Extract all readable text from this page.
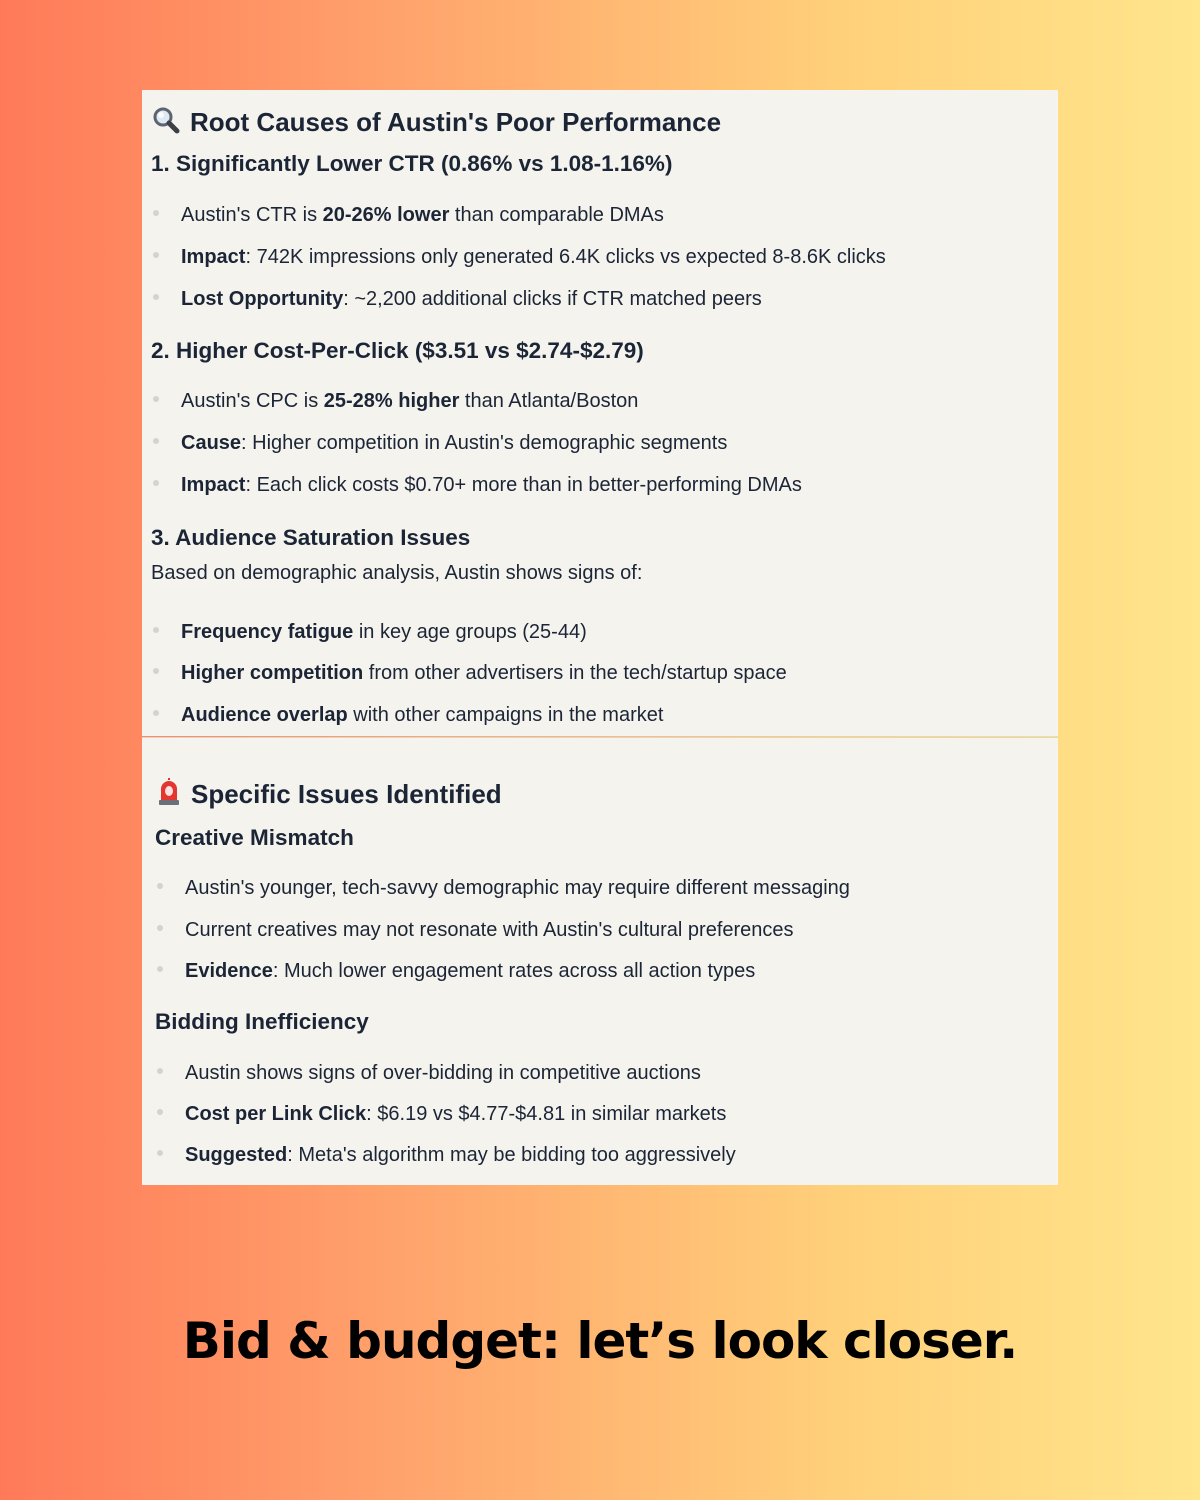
Root Causes of Austin's Poor Performance
1. Significantly Lower CTR (0.86% vs 1.08-1.16%)
Austin's CTR is 20-26% lower than comparable DMAs
Impact: 742K impressions only generated 6.4K clicks vs expected 8-8.6K clicks
Lost Opportunity: ~2,200 additional clicks if CTR matched peers
2. Higher Cost-Per-Click ($3.51 vs $2.74-$2.79)
Austin's CPC is 25-28% higher than Atlanta/Boston
Cause: Higher competition in Austin's demographic segments
Impact: Each click costs $0.70+ more than in better-performing DMAs
3. Audience Saturation Issues
Based on demographic analysis, Austin shows signs of:
Frequency fatigue in key age groups (25-44)
Higher competition from other advertisers in the tech/startup space
Audience overlap with other campaigns in the market
Specific Issues Identified
Creative Mismatch
Austin's younger, tech-savvy demographic may require different messaging
Current creatives may not resonate with Austin's cultural preferences
Evidence: Much lower engagement rates across all action types
Bidding Inefficiency
Austin shows signs of over-bidding in competitive auctions
Cost per Link Click: $6.19 vs $4.77-$4.81 in similar markets
Suggested: Meta's algorithm may be bidding too aggressively
Bid & budget: let’s look closer.
